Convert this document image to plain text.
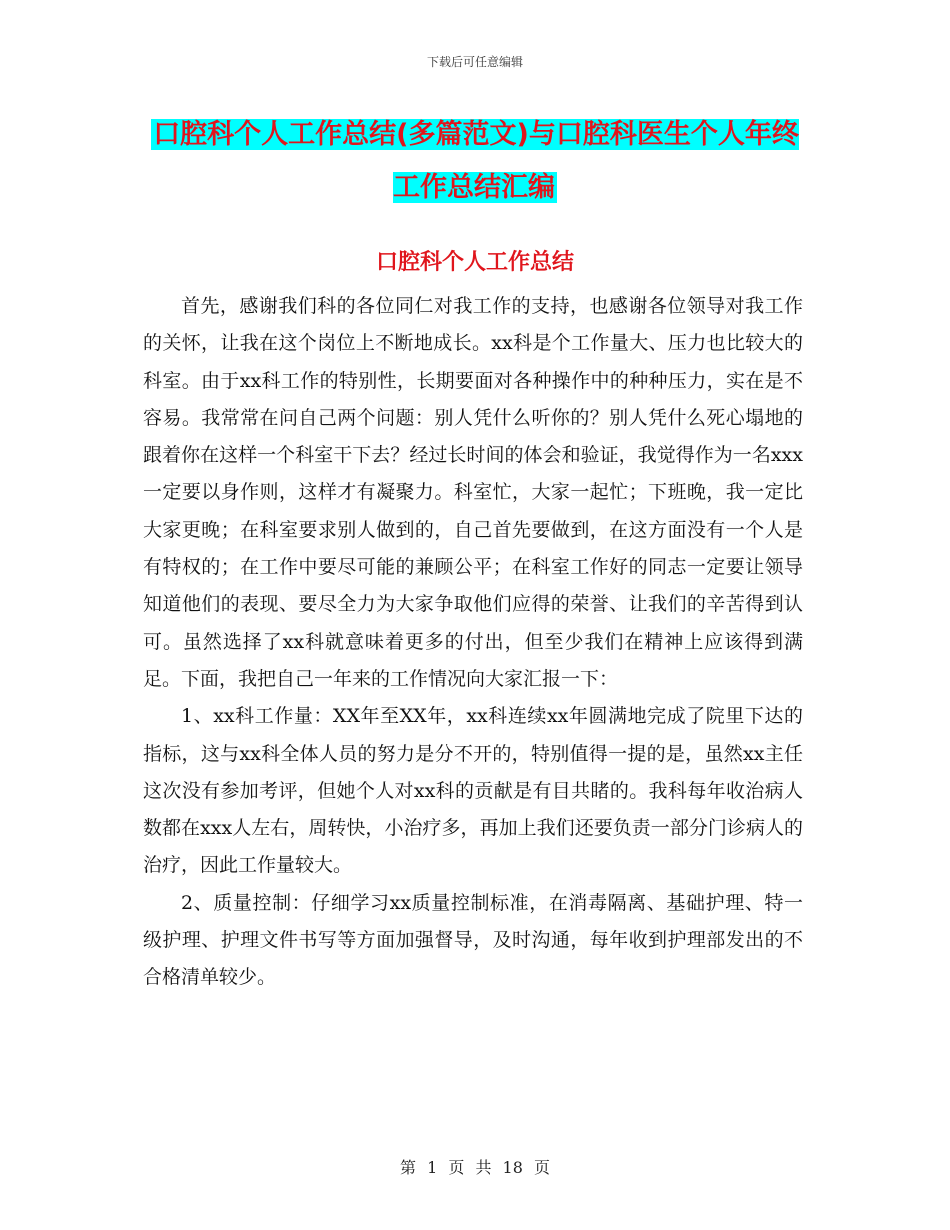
下载后可任意编辑
口腔科个人工作总结(多篇范文)与口腔科医生个人年终工作总结汇编
口腔科个人工作总结

首先，感谢我们科的各位同仁对我工作的支持，也感谢各位领导对我工作的关怀，让我在这个岗位上不断地成长。xx科是个工作量大、压力也比较大的科室。由于xx科工作的特别性，长期要面对各种操作中的种种压力，实在是不容易。我常常在问自己两个问题：别人凭什么听你的？别人凭什么死心塌地的跟着你在这样一个科室干下去？经过长时间的体会和验证，我觉得作为一名xxx一定要以身作则，这样才有凝聚力。科室忙，大家一起忙；下班晚，我一定比大家更晚；在科室要求别人做到的，自己首先要做到，在这方面没有一个人是有特权的；在工作中要尽可能的兼顾公平；在科室工作好的同志一定要让领导知道他们的表现、要尽全力为大家争取他们应得的荣誉、让我们的辛苦得到认可。虽然选择了xx科就意味着更多的付出，但至少我们在精神上应该得到满足。下面，我把自己一年来的工作情况向大家汇报一下：

1、xx科工作量：XX年至XX年，xx科连续xx年圆满地完成了院里下达的指标，这与xx科全体人员的努力是分不开的，特别值得一提的是，虽然xx主任这次没有参加考评，但她个人对xx科的贡献是有目共睹的。我科每年收治病人数都在xxx人左右，周转快，小治疗多，再加上我们还要负责一部分门诊病人的治疗，因此工作量较大。

2、质量控制：仔细学习xx质量控制标准，在消毒隔离、基础护理、特一级护理、护理文件书写等方面加强督导，及时沟通，每年收到护理部发出的不合格清单较少。

第 1 页 共 18 页
